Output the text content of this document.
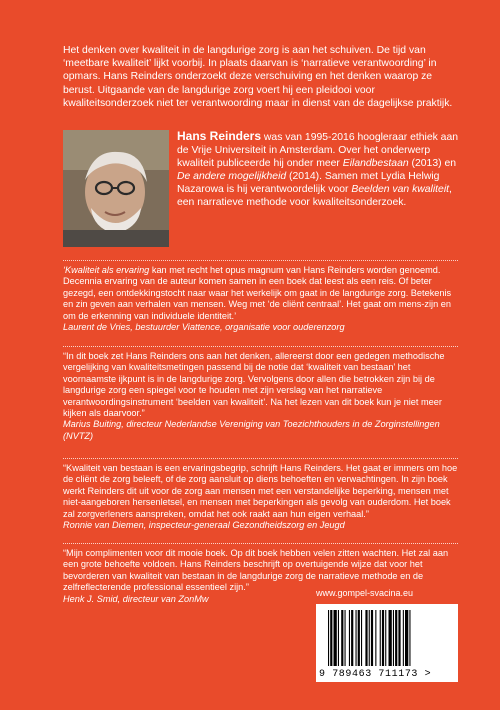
Het denken over kwaliteit in de langdurige zorg is aan het schuiven. De tijd van ‘meetbare kwaliteit’ lijkt voorbij. In plaats daarvan is ‘narratieve verantwoording’ in opmars. Hans Reinders onderzoekt deze verschuiving en het denken waarop ze berust. Uitgaande van de langdurige zorg voert hij een pleidooi voor kwaliteitsonderzoek niet ter verantwoording maar in dienst van de dagelijkse praktijk.
Hans Reinders was van 1995-2016 hoogleraar ethiek aan de Vrije Universiteit in Amsterdam. Over het onderwerp kwaliteit publiceerde hij onder meer Eilandbestaan (2013) en De andere mogelijkheid (2014). Samen met Lydia Helwig Nazarowa is hij verantwoordelijk voor Beelden van kwaliteit, een narratieve methode voor kwaliteitsonderzoek.
‘Kwaliteit als ervaring kan met recht het opus magnum van Hans Reinders worden genoemd. Decennia ervaring van de auteur komen samen in een boek dat leest als een reis. Of beter gezegd, een ontdekkingstocht naar waar het werkelijk om gaat in de langdurige zorg. Betekenis en zin geven aan verhalen van mensen. Weg met ‘de cliënt centraal’. Het gaat om mens-zijn en om de erkenning van individuele identiteit.’
Laurent de Vries, bestuurder Viattence, organisatie voor ouderenzorg
“In dit boek zet Hans Reinders ons aan het denken, allereerst door een gedegen methodische vergelijking van kwaliteitsmetingen passend bij de notie dat ‘kwaliteit van bestaan’ het voornaamste ijkpunt is in de langdurige zorg. Vervolgens door allen die betrokken zijn bij de langdurige zorg een spiegel voor te houden met zijn verslag van het narratieve verantwoordingsinstrument ‘beelden van kwaliteit’. Na het lezen van dit boek kun je niet meer kijken als daarvoor.”
Marius Buiting, directeur Nederlandse Vereniging van Toezichthouders in de Zorginstellingen (NVTZ)
“Kwaliteit van bestaan is een ervaringsbegrip, schrijft Hans Reinders. Het gaat er immers om hoe de cliënt de zorg beleeft, of de zorg aansluit op diens behoeften en verwachtingen. In zijn boek werkt Reinders dit uit voor de zorg aan mensen met een verstandelijke beperking, mensen met niet-aangeboren hersenletsel, en mensen met beperkingen als gevolg van ouderdom. Het boek zal zorgverleners aanspreken, omdat het ook raakt aan hun eigen verhaal.”
Ronnie van Diemen, inspecteur-generaal Gezondheidszorg en Jeugd
“Mijn complimenten voor dit mooie boek. Op dit boek hebben velen zitten wachten. Het zal aan een grote behoefte voldoen. Hans Reinders beschrijft op overtuigende wijze dat voor het bevorderen van kwaliteit van bestaan in de langdurige zorg de narratieve methode en de zelfreflecterende professional essentieel zijn.”
Henk J. Smid, directeur van ZonMw
www.gompel-svacina.eu
9 789463 711173 >
